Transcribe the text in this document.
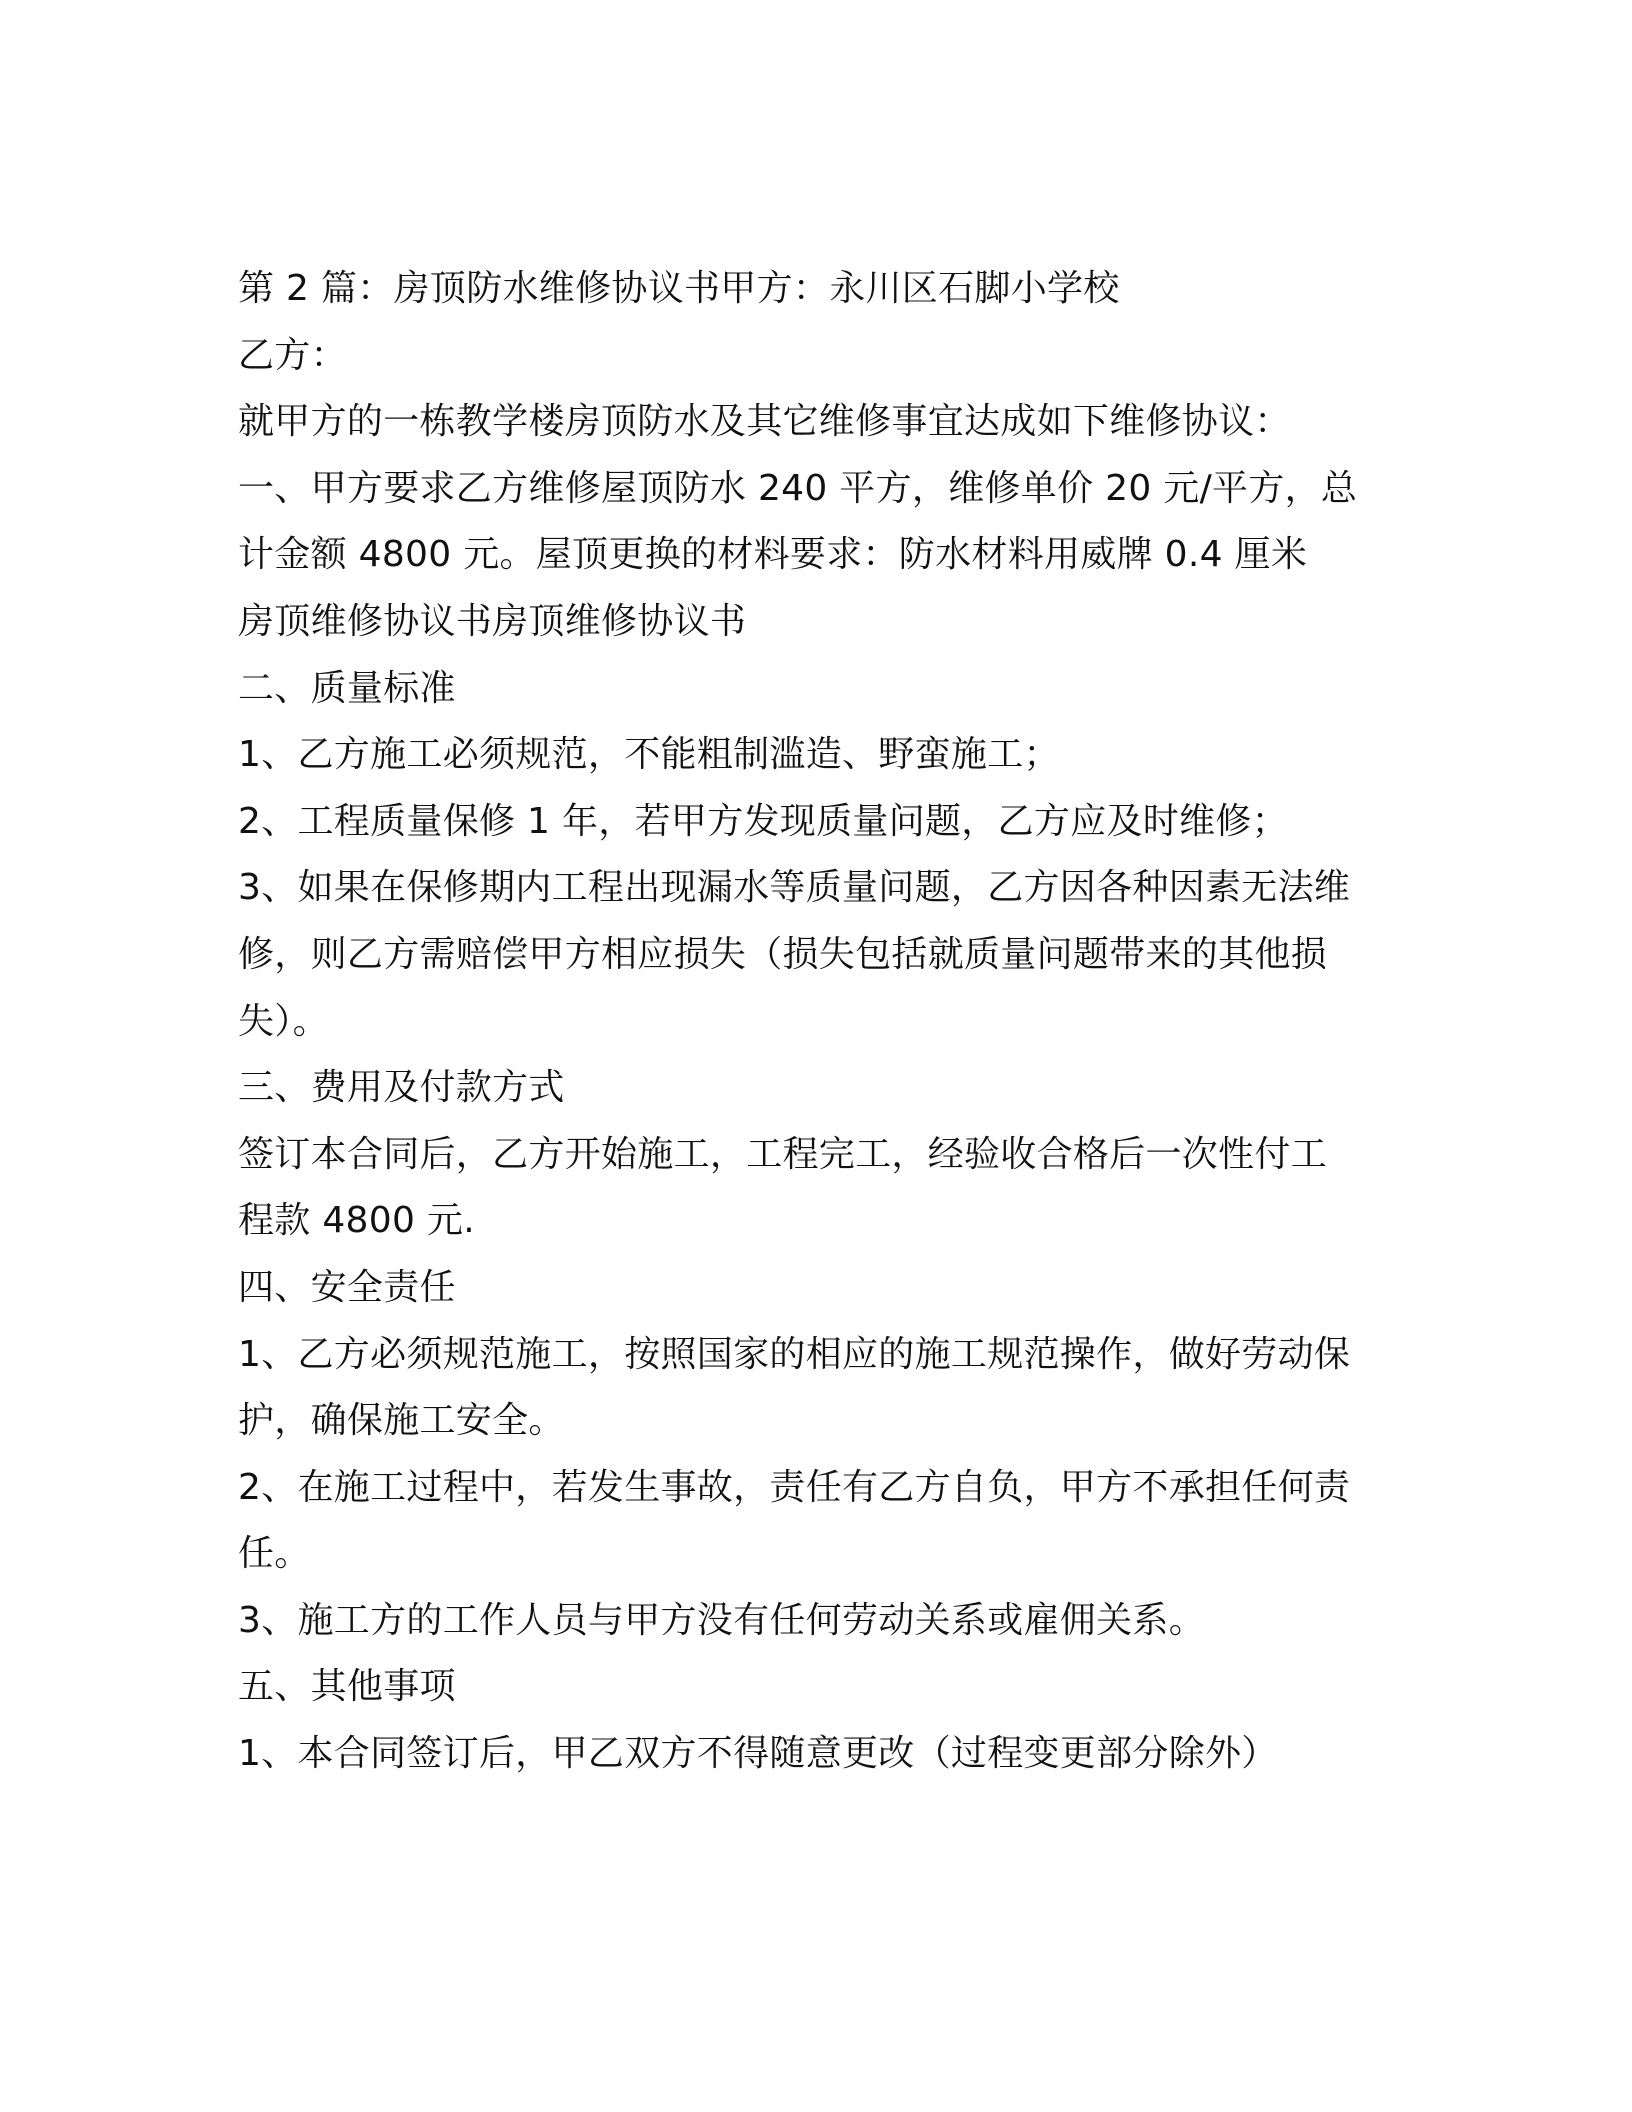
第 2 篇：房顶防水维修协议书甲方：永川区石脚小学校
乙方：
就甲方的一栋教学楼房顶防水及其它维修事宜达成如下维修协议：
一、甲方要求乙方维修屋顶防水 240 平方，维修单价 20 元/平方，总
计金额 4800 元。屋顶更换的材料要求：防水材料用威牌 0.4 厘米
房顶维修协议书房顶维修协议书
二、质量标准
1、乙方施工必须规范，不能粗制滥造、野蛮施工；
2、工程质量保修 1 年，若甲方发现质量问题，乙方应及时维修；
3、如果在保修期内工程出现漏水等质量问题，乙方因各种因素无法维
修，则乙方需赔偿甲方相应损失（损失包括就质量问题带来的其他损
失）。
三、费用及付款方式
签订本合同后，乙方开始施工，工程完工，经验收合格后一次性付工
程款 4800 元.
四、安全责任
1、乙方必须规范施工，按照国家的相应的施工规范操作，做好劳动保
护，确保施工安全。
2、在施工过程中，若发生事故，责任有乙方自负，甲方不承担任何责
任。
3、施工方的工作人员与甲方没有任何劳动关系或雇佣关系。
五、其他事项
1、本合同签订后，甲乙双方不得随意更改（过程变更部分除外）
